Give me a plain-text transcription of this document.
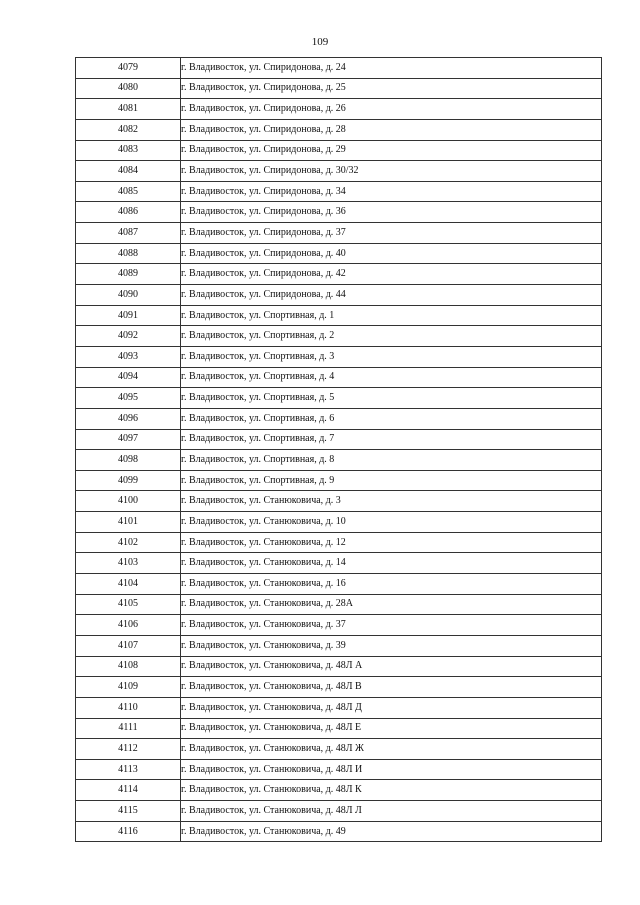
109
4079	г. Владивосток, ул. Спиридонова, д. 24
4080	г. Владивосток, ул. Спиридонова, д. 25
4081	г. Владивосток, ул. Спиридонова, д. 26
4082	г. Владивосток, ул. Спиридонова, д. 28
4083	г. Владивосток, ул. Спиридонова, д. 29
4084	г. Владивосток, ул. Спиридонова, д. 30/32
4085	г. Владивосток, ул. Спиридонова, д. 34
4086	г. Владивосток, ул. Спиридонова, д. 36
4087	г. Владивосток, ул. Спиридонова, д. 37
4088	г. Владивосток, ул. Спиридонова, д. 40
4089	г. Владивосток, ул. Спиридонова, д. 42
4090	г. Владивосток, ул. Спиридонова, д. 44
4091	г. Владивосток, ул. Спортивная, д. 1
4092	г. Владивосток, ул. Спортивная, д. 2
4093	г. Владивосток, ул. Спортивная, д. 3
4094	г. Владивосток, ул. Спортивная, д. 4
4095	г. Владивосток, ул. Спортивная, д. 5
4096	г. Владивосток, ул. Спортивная, д. 6
4097	г. Владивосток, ул. Спортивная, д. 7
4098	г. Владивосток, ул. Спортивная, д. 8
4099	г. Владивосток, ул. Спортивная, д. 9
4100	г. Владивосток, ул. Станюковича, д. 3
4101	г. Владивосток, ул. Станюковича, д. 10
4102	г. Владивосток, ул. Станюковича, д. 12
4103	г. Владивосток, ул. Станюковича, д. 14
4104	г. Владивосток, ул. Станюковича, д. 16
4105	г. Владивосток, ул. Станюковича, д. 28А
4106	г. Владивосток, ул. Станюковича, д. 37
4107	г. Владивосток, ул. Станюковича, д. 39
4108	г. Владивосток, ул. Станюковича, д. 48Л А
4109	г. Владивосток, ул. Станюковича, д. 48Л В
4110	г. Владивосток, ул. Станюковича, д. 48Л Д
4111	г. Владивосток, ул. Станюковича, д. 48Л Е
4112	г. Владивосток, ул. Станюковича, д. 48Л Ж
4113	г. Владивосток, ул. Станюковича, д. 48Л И
4114	г. Владивосток, ул. Станюковича, д. 48Л К
4115	г. Владивосток, ул. Станюковича, д. 48Л Л
4116	г. Владивосток, ул. Станюковича, д. 49
